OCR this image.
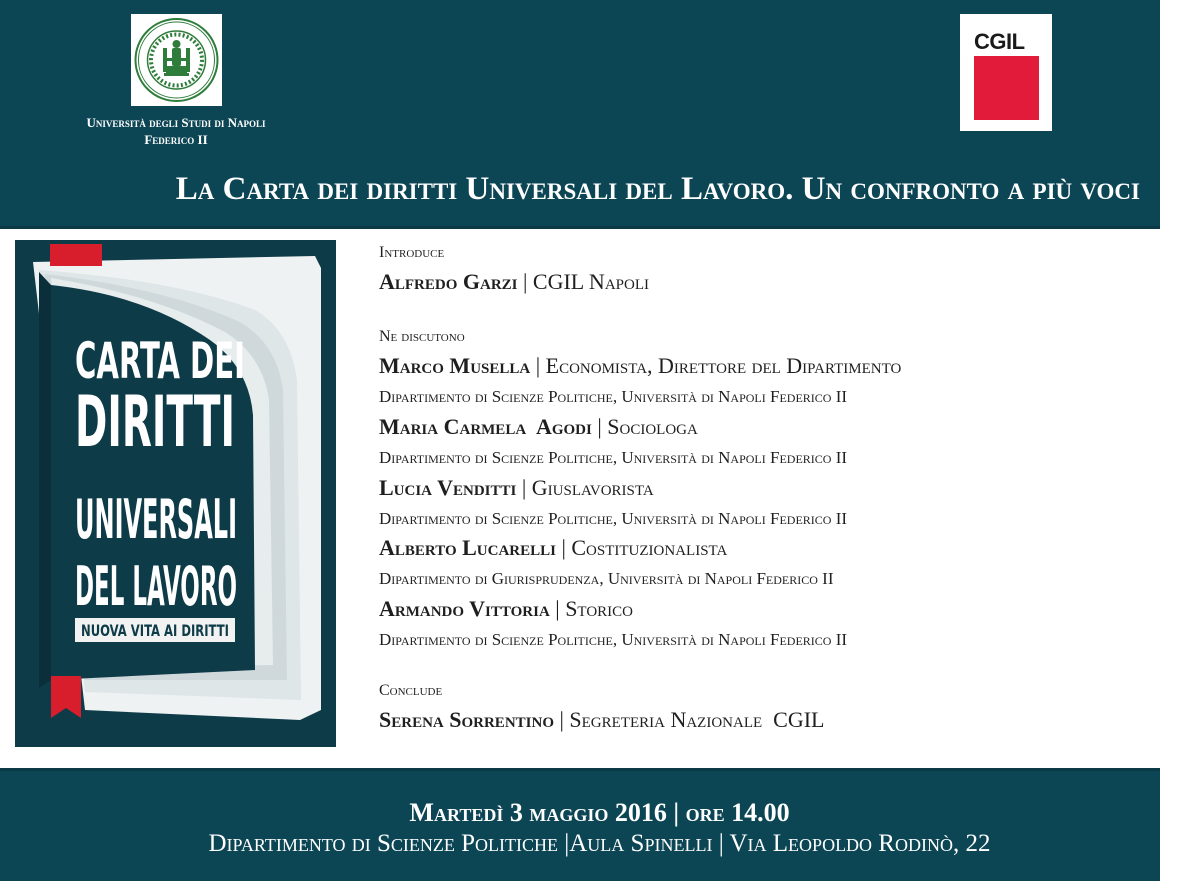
Università degli Studi di Napoli
Federico II
CGIL
La Carta dei diritti Universali del Lavoro. Un confronto a più voci
CARTA DEI
DIRITTI
UNIVERSALI
DEL LAVORO
NUOVA VITA AI DIRITTI
Introduce
Alfredo Garzi | CGIL Napoli
Ne discutono
Marco Musella | Economista, Direttore del Dipartimento
Dipartimento di Scienze Politiche, Università di Napoli Federico II
Maria Carmela  Agodi | Sociologa
Dipartimento di Scienze Politiche, Università di Napoli Federico II
Lucia Venditti | Giuslavorista
Dipartimento di Scienze Politiche, Università di Napoli Federico II
Alberto Lucarelli | Costituzionalista
Dipartimento di Giurisprudenza, Università di Napoli Federico II
Armando Vittoria | Storico
Dipartimento di Scienze Politiche, Università di Napoli Federico II
Conclude
Serena Sorrentino | Segreteria Nazionale  CGIL
Martedì 3 maggio 2016 | ore 14.00
Dipartimento di Scienze Politiche |Aula Spinelli | Via Leopoldo Rodinò, 22
